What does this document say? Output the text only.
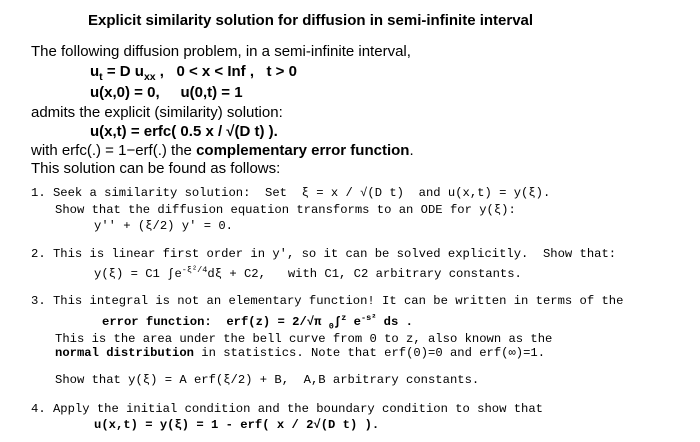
Explicit similarity solution for diffusion in semi-infinite interval
The following diffusion problem, in a semi-infinite interval,
$u_t = D$ $u_{xx}$ ,   0 < x < Inf ,   t > 0
u(x,0) = 0,     u(0,t) = 1
admits the explicit (similarity) solution:
u(x,t) = erfc( 0.5 x / √(D t) ).
with erfc(.) = 1−erf(.) the complementary error function.
This solution can be found as follows:
1. Seek a similarity solution:  Set  ξ = x / √(D t)  and u(x,t) = y(ξ).
Show that the diffusion equation transforms to an ODE for y(ξ):
y'' + (ξ/2) y' = 0.
2. This is linear first order in y', so it can be solved explicitly.  Show that:
y(ξ) = C1 $\int e^{-\xi^2/4}d\xi + C2$,   with C1, C2 arbitrary constants.
3. This integral is not an elementary function! It can be written in terms of the
error function:  erf(z) = 2/√π $_0$∫$^z$ $e^{-s^2}$ ds .
This is the area under the bell curve from 0 to z, also known as the
normal distribution in statistics. Note that erf(0)=0 and erf(∞)=1.
Show that y(ξ) = A erf(ξ/2) + B,  A,B arbitrary constants.
4. Apply the initial condition and the boundary condition to show that
u(x,t) = y(ξ) = 1 - erf( x / 2√(D t) ).
